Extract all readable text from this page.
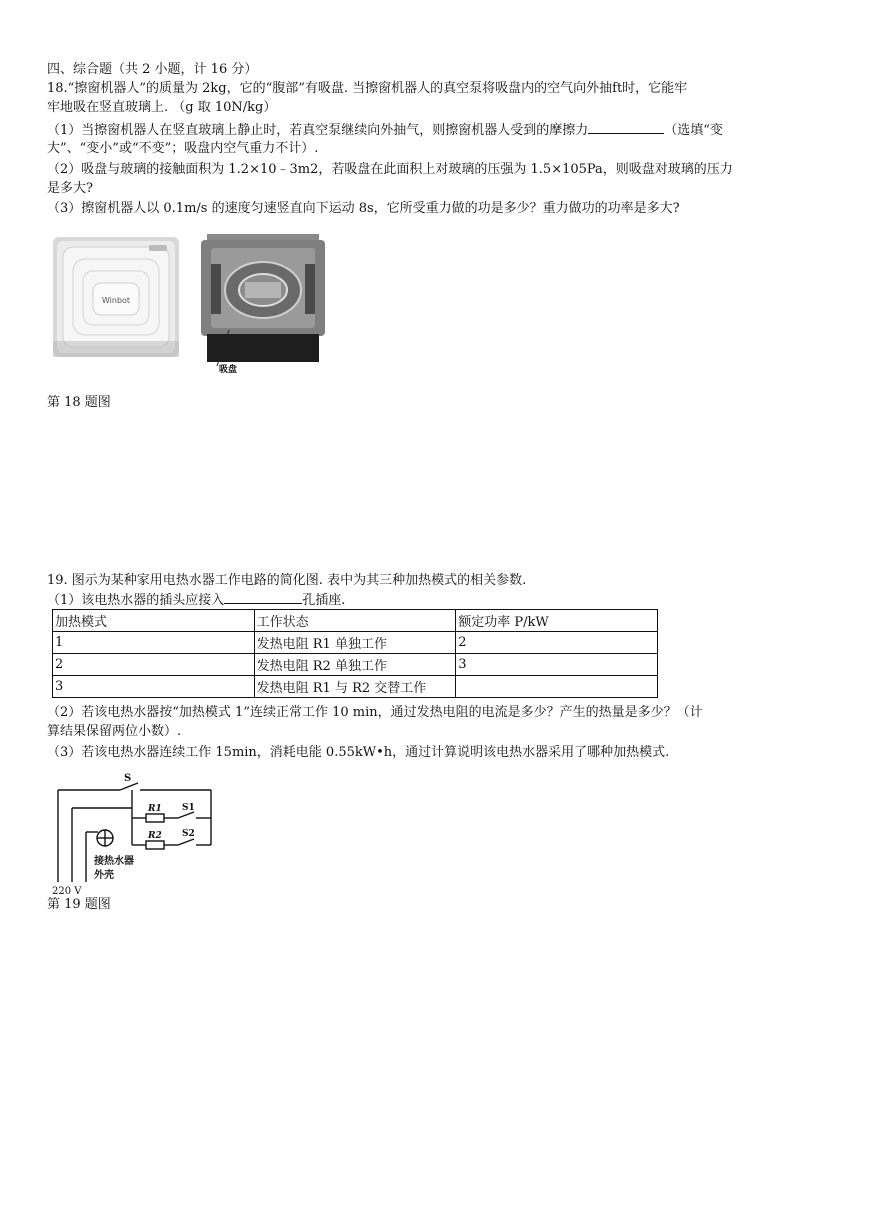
四、综合题（共 2 小题，计 16 分）
18.“擦窗机器人”的质量为 2kg，它的“腹部”有吸盘. 当擦窗机器人的真空泵将吸盘内的空气向外抽ft时，它能牢
牢地吸在竖直玻璃上. （g 取 10N/kg）
（1）当擦窗机器人在竖直玻璃上静止时，若真空泵继续向外抽气，则擦窗机器人受到的摩擦力	（选填“变
大”、“变小”或“不变”；吸盘内空气重力不计）.
（2）吸盘与玻璃的接触面积为 1.2×10﹣3m2，若吸盘在此面积上对玻璃的压强为 1.5×105Pa，则吸盘对玻璃的压力
是多大?
（3）擦窗机器人以 0.1m/s 的速度匀速竖直向下运动 8s，它所受重力做的功是多少？重力做功的功率是多大?
Winbot
吸盘
第 18 题图
19. 图示为某种家用电热水器工作电路的简化图. 表中为其三种加热模式的相关参数.
（1）该电热水器的插头应接入	孔插座.
加热模式	工作状态	额定功率 P/kW
1	发热电阻 R1 单独工作	2
2	发热电阻 R2 单独工作	3
3	发热电阻 R1 与 R2 交替工作	
（2）若该电热水器按“加热模式 1”连续正常工作 10 min，通过发热电阻的电流是多少？产生的热量是多少？（计
算结果保留两位小数）.
（3）若该电热水器连续工作 15min，消耗电能 0.55kW•h，通过计算说明该电热水器采用了哪种加热模式.
S
R1 S1
R2 S2
接热水器
外壳
220 V
第 19 题图
